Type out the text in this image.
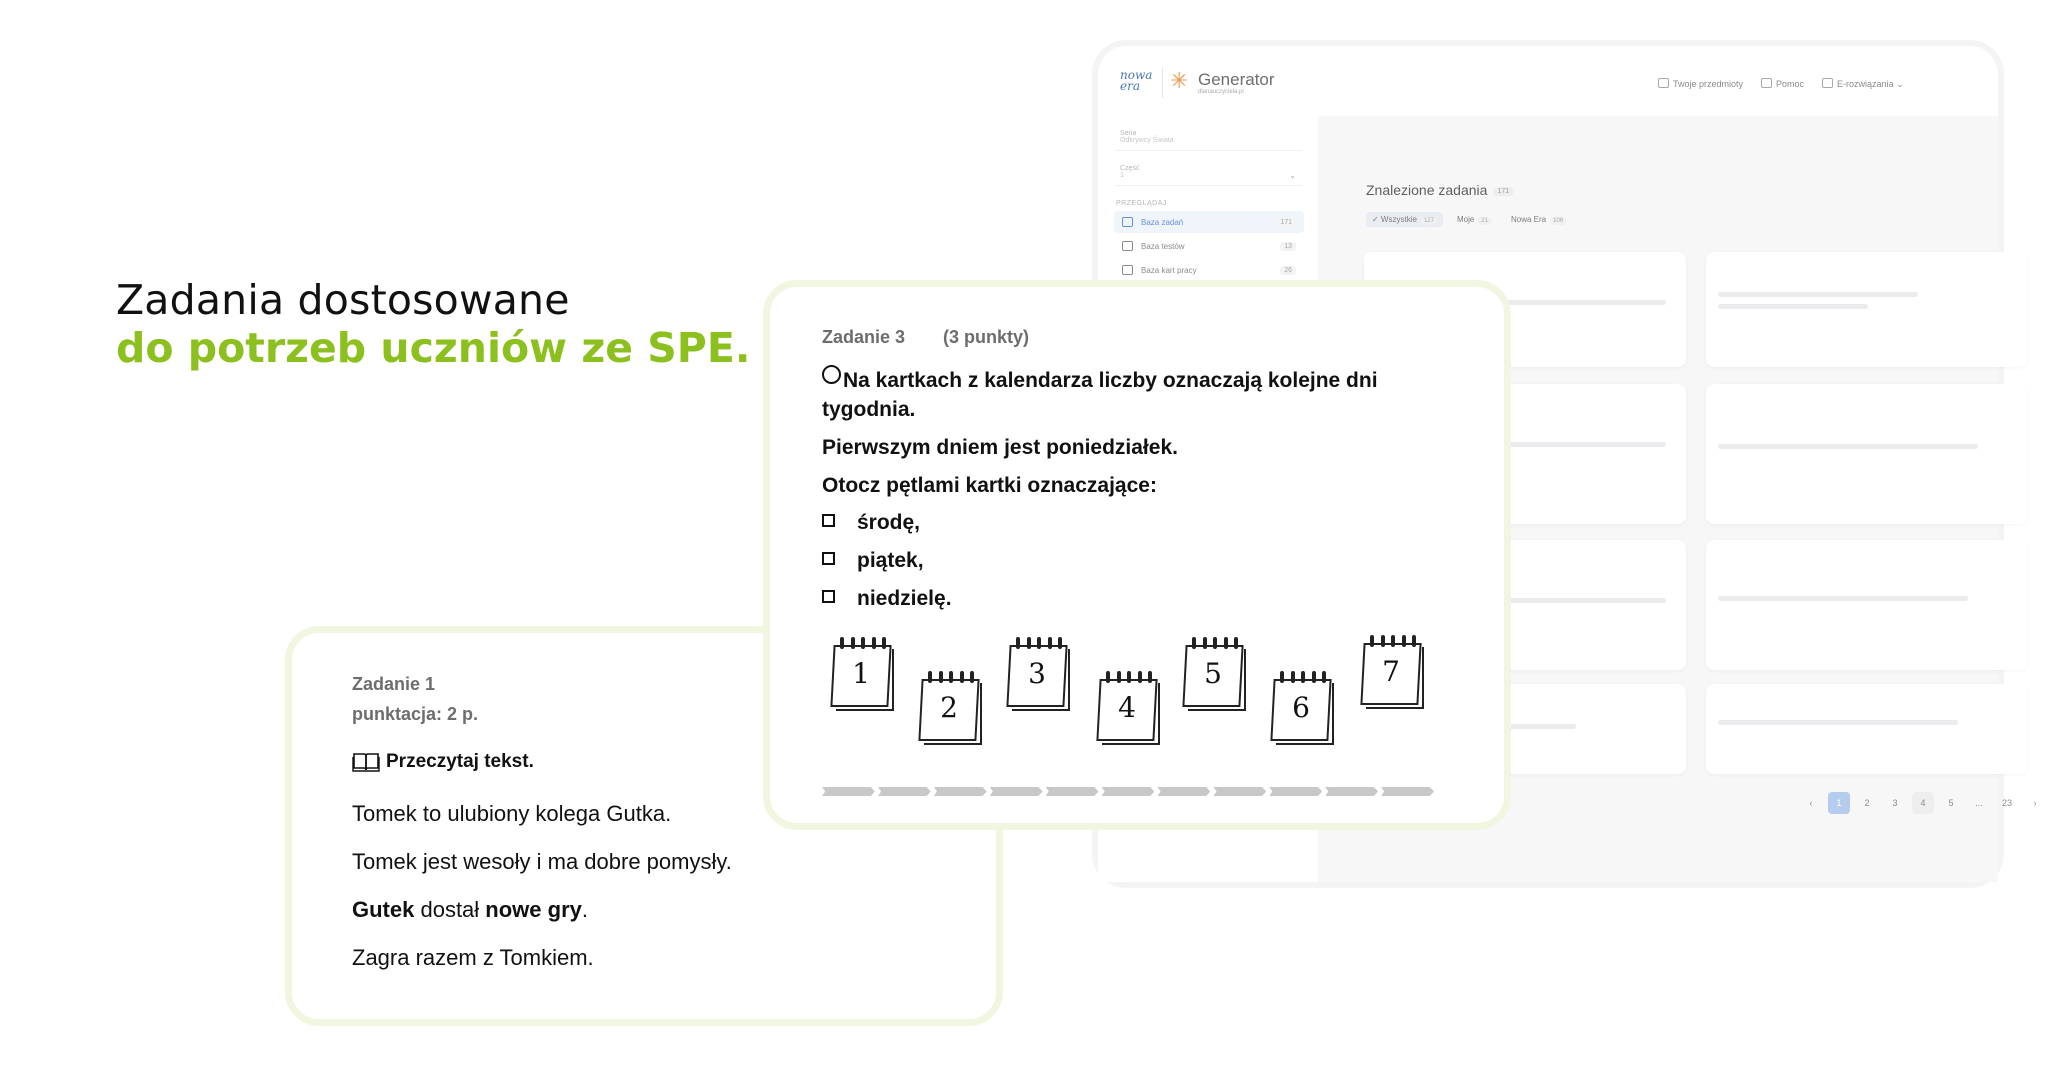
Zadania dostosowane
do potrzeb uczniów ze SPE.
nowa
era	✳ Generator
dlanauczyciela.pl
Twoje przedmioty	Pomoc	E-rozwiązania ⌄
Seria
Odkrywcy Świata
Część
1	⌄
PRZEGLĄDAJ
Baza zadań	171
Baza testów	13
Baza kart pracy	26
Znalezione zadania 171
✓ Wszystkie 127	Moje 21	Nowa Era 106
‹	1	2	3	4	5	...	23	›
Zadanie 1
punktacja: 2 p.
Przeczytaj tekst.
Tomek to ulubiony kolega Gutka.
Tomek jest wesoły i ma dobre pomysły.
Gutek dostał nowe gry.
Zagra razem z Tomkiem.
Zadanie 3 (3 punkty)
Na kartkach z kalendarza liczby oznaczają kolejne dni tygodnia.
Pierwszym dniem jest poniedziałek.
Otocz pętlami kartki oznaczające:
środę,
piątek,
niedzielę.
1
2
3
4
5
6
7
